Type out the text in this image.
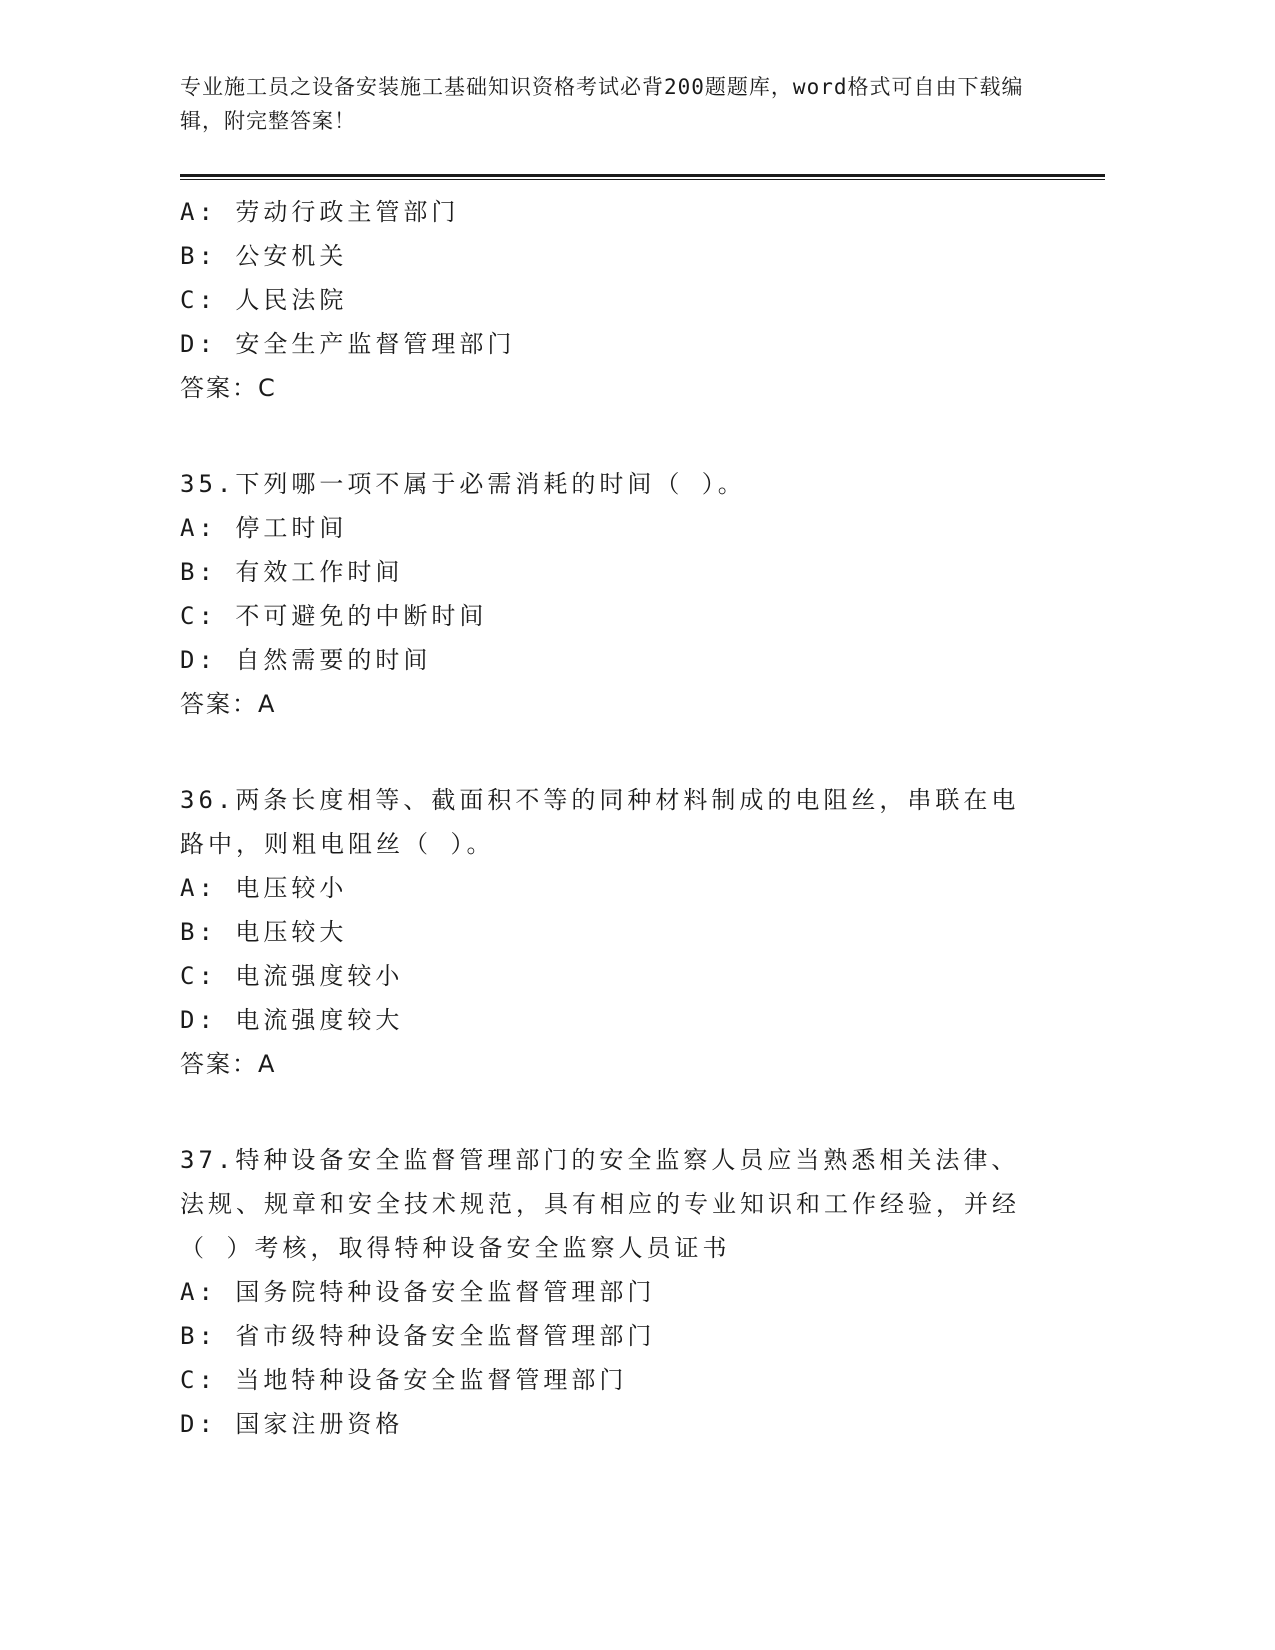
专业施工员之设备安装施工基础知识资格考试必背200题题库，word格式可自由下载编辑，附完整答案！

A: 劳动行政主管部门
B: 公安机关
C: 人民法院
D: 安全生产监督管理部门
答案：C
35.下列哪一项不属于必需消耗的时间（ ）。
A: 停工时间
B: 有效工作时间
C: 不可避免的中断时间
D: 自然需要的时间
答案：A
36.两条长度相等、截面积不等的同种材料制成的电阻丝，串联在电路中，则粗电阻丝（ ）。
A: 电压较小
B: 电压较大
C: 电流强度较小
D: 电流强度较大
答案：A
37.特种设备安全监督管理部门的安全监察人员应当熟悉相关法律、法规、规章和安全技术规范，具有相应的专业知识和工作经验，并经（ ）考核，取得特种设备安全监察人员证书
A: 国务院特种设备安全监督管理部门
B: 省市级特种设备安全监督管理部门
C: 当地特种设备安全监督管理部门
D: 国家注册资格
